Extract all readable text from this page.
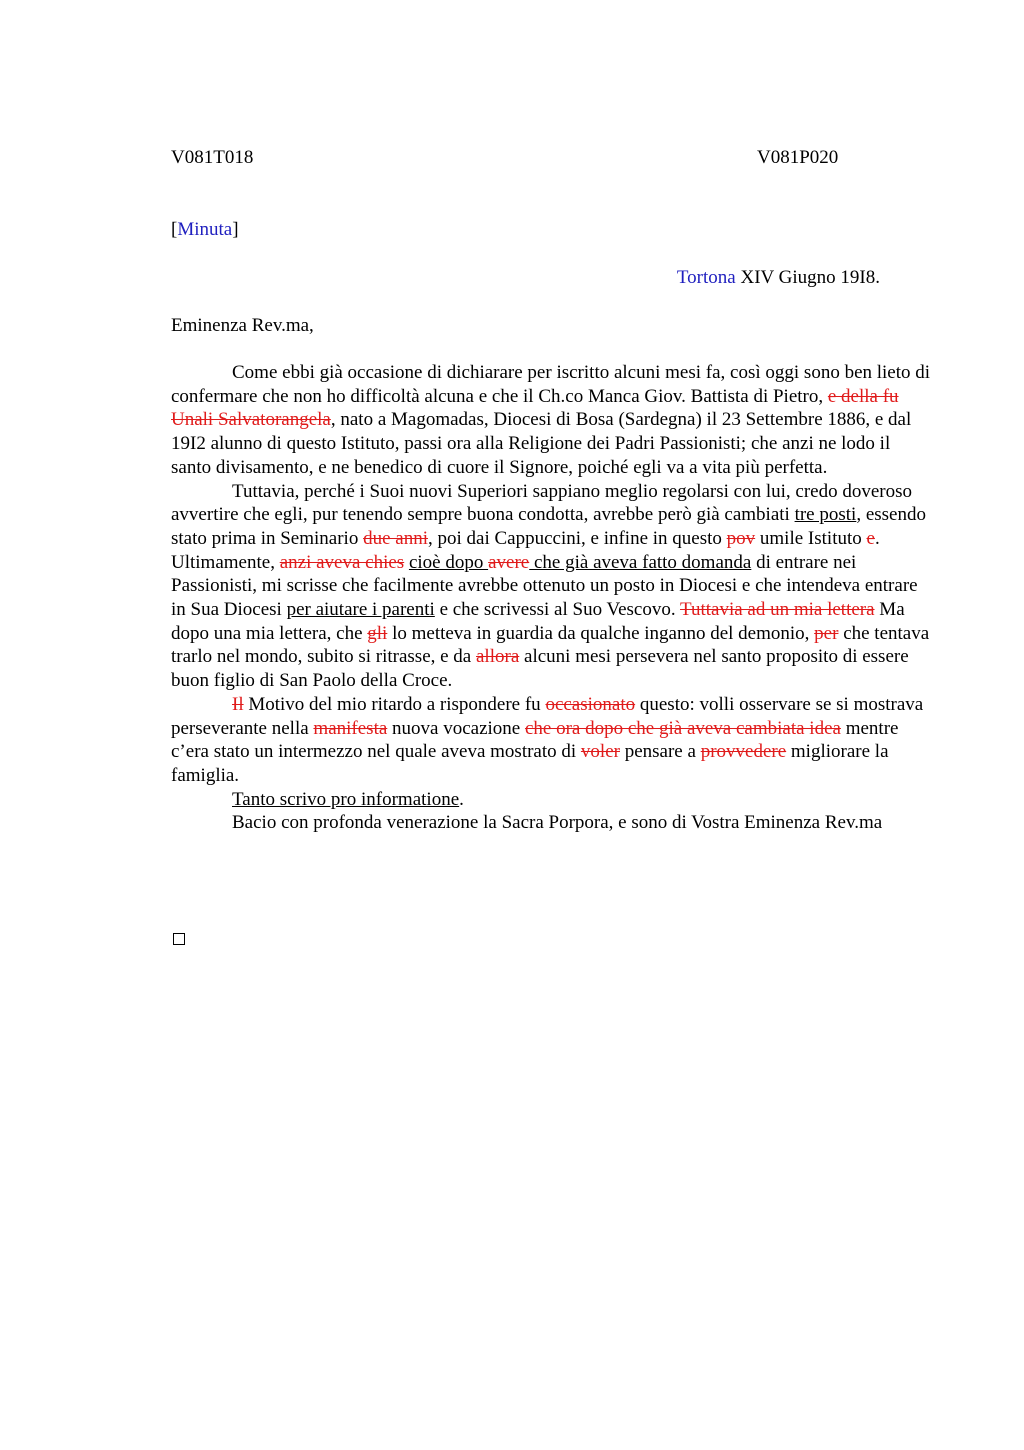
V081T018	V081P020
[Minuta]
Tortona XIV Giugno 19I8.
Eminenza Rev.ma,

Come ebbi già occasione di dichiarare per iscritto alcuni mesi fa, così oggi sono ben lieto di confermare che non ho difficoltà alcuna e che il Ch.co Manca Giov. Battista di Pietro, e della fu Unali Salvatorangela, nato a Magomadas, Diocesi di Bosa (Sardegna) il 23 Settembre 1886, e dal 19I2 alunno di questo Istituto, passi ora alla Religione dei Padri Passionisti; che anzi ne lodo il santo divisamento, e ne benedico di cuore il Signore, poiché egli va a vita più perfetta.

Tuttavia, perché i Suoi nuovi Superiori sappiano meglio regolarsi con lui, credo doveroso avvertire che egli, pur tenendo sempre buona condotta, avrebbe però già cambiati tre posti, essendo stato prima in Seminario due anni, poi dai Cappuccini, e infine in questo pov umile Istituto e. Ultimamente, anzi aveva chies cioè dopo avere che già aveva fatto domanda di entrare nei Passionisti, mi scrisse che facilmente avrebbe ottenuto un posto in Diocesi e che intendeva entrare in Sua Diocesi per aiutare i parenti e che scrivessi al Suo Vescovo. Tuttavia ad un mia lettera Ma dopo una mia lettera, che gli lo metteva in guardia da qualche inganno del demonio, per che tentava trarlo nel mondo, subito si ritrasse, e da allora alcuni mesi persevera nel santo proposito di essere buon figlio di San Paolo della Croce.

Il Motivo del mio ritardo a rispondere fu occasionato questo: volli osservare se si mostrava perseverante nella manifesta nuova vocazione che ora dopo che già aveva cambiata idea mentre c’era stato un intermezzo nel quale aveva mostrato di voler pensare a provvedere migliorare la famiglia.

Tanto scrivo pro informatione.

Bacio con profonda venerazione la Sacra Porpora, e sono di Vostra Eminenza Rev.ma
